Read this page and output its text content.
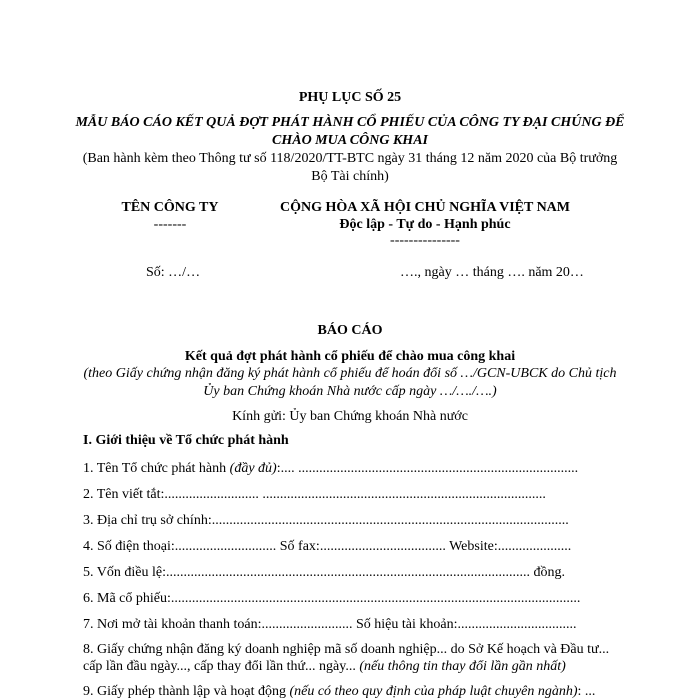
PHỤ LỤC SỐ 25
MẪU BÁO CÁO KẾT QUẢ ĐỢT PHÁT HÀNH CỔ PHIẾU CỦA CÔNG TY ĐẠI CHÚNG ĐỂ
CHÀO MUA CÔNG KHAI
(Ban hành kèm theo Thông tư số 118/2020/TT-BTC ngày 31 tháng 12 năm 2020 của Bộ trưởng
Bộ Tài chính)
TÊN CÔNG TY
-------
CỘNG HÒA XÃ HỘI CHỦ NGHĨA VIỆT NAM
Độc lập - Tự do - Hạnh phúc
---------------
Số: …/…	…., ngày … tháng …. năm 20…
BÁO CÁO
Kết quả đợt phát hành cổ phiếu để chào mua công khai
(theo Giấy chứng nhận đăng ký phát hành cổ phiếu để hoán đổi số …/GCN-UBCK do Chủ tịch
Ủy ban Chứng khoán Nhà nước cấp ngày …/…./….)
Kính gửi: Ủy ban Chứng khoán Nhà nước
I. Giới thiệu về Tổ chức phát hành
1. Tên Tổ chức phát hành (đầy đủ):.... ................................................................................
2. Tên viết tắt:........................... .................................................................................
3. Địa chỉ trụ sở chính:......................................................................................................
4. Số điện thoại:............................. Số fax:.................................... Website:.....................
5. Vốn điều lệ:........................................................................................................ đồng.
6. Mã cổ phiếu:.....................................................................................................................
7. Nơi mở tài khoản thanh toán:.......................... Số hiệu tài khoản:..................................
8. Giấy chứng nhận đăng ký doanh nghiệp mã số doanh nghiệp... do Sở Kế hoạch và Đầu tư...
cấp lần đầu ngày..., cấp thay đổi lần thứ... ngày... (nếu thông tin thay đổi lần gần nhất)
9. Giấy phép thành lập và hoạt động (nếu có theo quy định của pháp luật chuyên ngành): ...
